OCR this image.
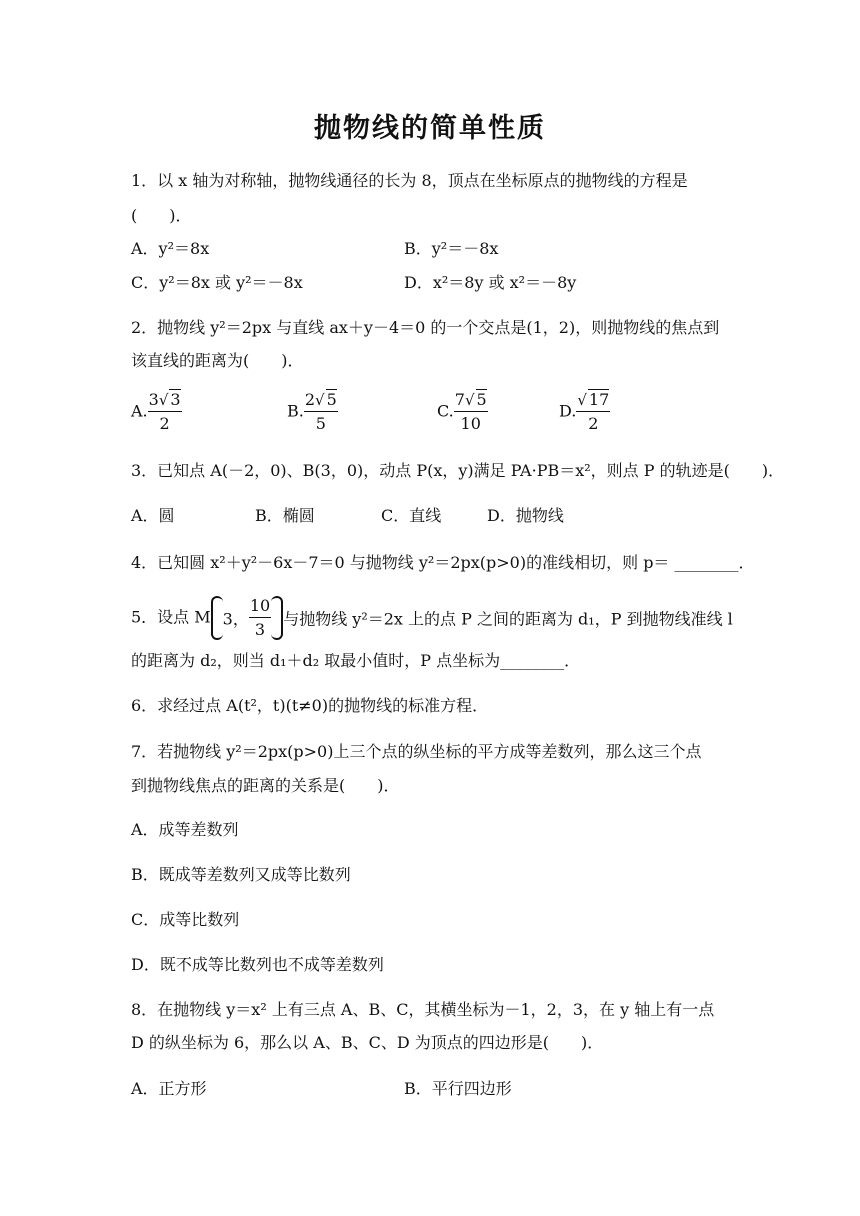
抛物线的简单性质
1．以 x 轴为对称轴，抛物线通径的长为 8，顶点在坐标原点的抛物线的方程是
(　　)．
A．y²＝8x	B．y²＝－8x
C．y²＝8x 或 y²＝－8x	D．x²＝8y 或 x²＝－8y
2．抛物线 y²＝2px 与直线 ax＋y－4＝0 的一个交点是(1，2)，则抛物线的焦点到
该直线的距离为(　　)．
A. $\frac{3√ 3}{2}$	B. $\frac{2√ 5}{5}$	C. $\frac{7√ 5}{10}$	D. $\frac{√ 17}{2}$
3．已知点 A(－2，0)、B(3，0)，动点 P(x，y)满足 PA·PB＝x²，则点 P 的轨迹是(　　)．
A．圆	B．椭圆	C．直线	D．抛物线
4．已知圆 x²＋y²－6x－7＝0 与抛物线 y²＝2px(p>0)的准线相切，则 p＝ ________．
5．设点 M 3， $\frac{10}{3}$ 与抛物线 y²＝2x 上的点 P 之间的距离为 d₁，P 到抛物线准线 l
的距离为 d₂，则当 d₁＋d₂ 取最小值时，P 点坐标为________．
6．求经过点 A(t²，t)(t≠0)的抛物线的标准方程．
7．若抛物线 y²＝2px(p>0)上三个点的纵坐标的平方成等差数列，那么这三个点
到抛物线焦点的距离的关系是(　　)．
A．成等差数列
B．既成等差数列又成等比数列
C．成等比数列
D．既不成等比数列也不成等差数列
8．在抛物线 y＝x² 上有三点 A、B、C，其横坐标为－1，2，3，在 y 轴上有一点
D 的纵坐标为 6，那么以 A、B、C、D 为顶点的四边形是(　　)．
A．正方形	B．平行四边形
